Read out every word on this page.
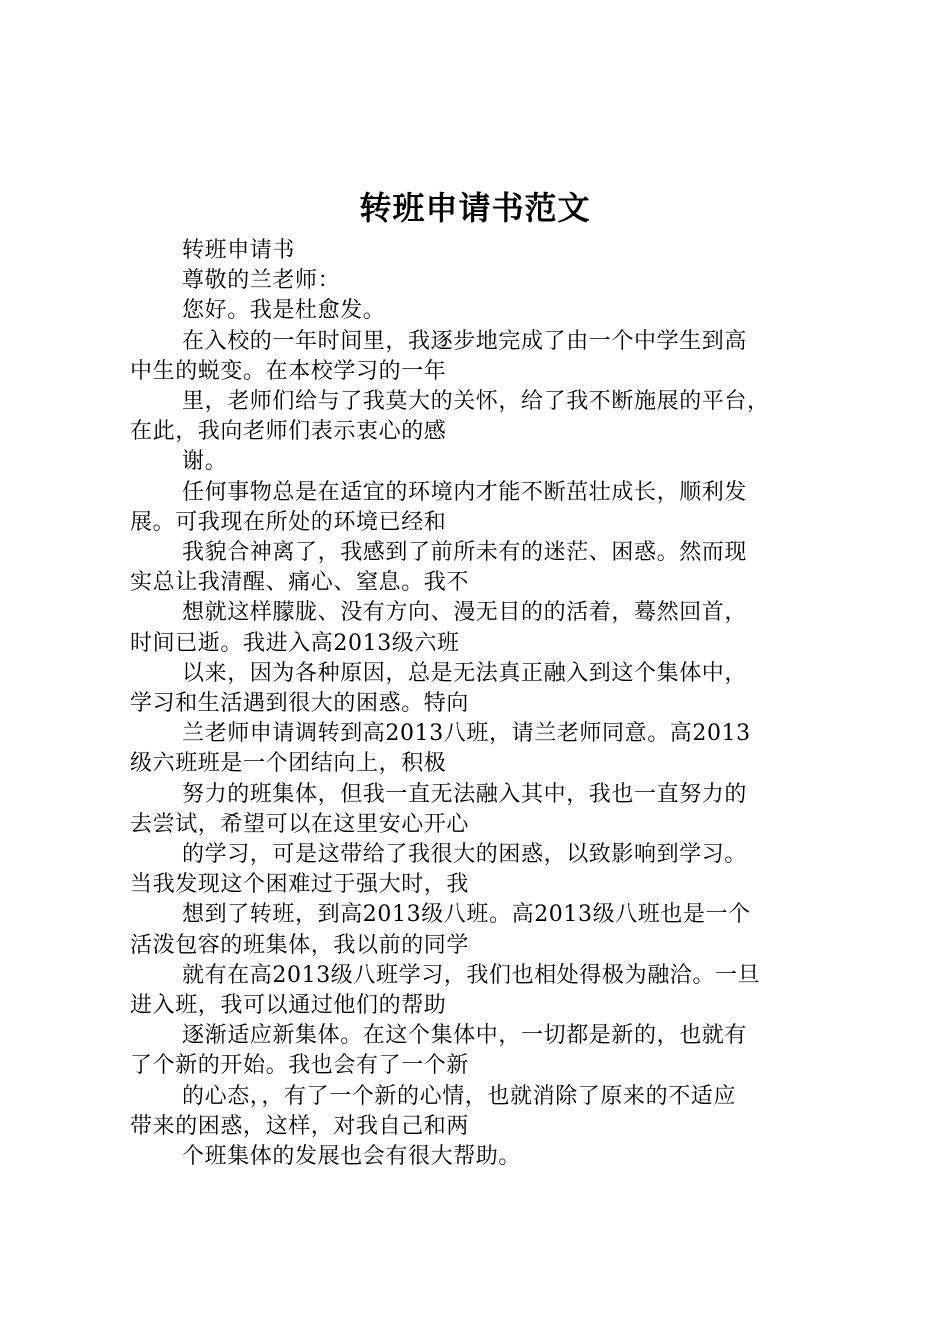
转班申请书范文
转班申请书
尊敬的兰老师：
您好。我是杜愈发。
在入校的一年时间里，我逐步地完成了由一个中学生到高
中生的蜕变。在本校学习的一年
里，老师们给与了我莫大的关怀，给了我不断施展的平台，
在此，我向老师们表示衷心的感
谢。
任何事物总是在适宜的环境内才能不断茁壮成长，顺利发
展。可我现在所处的环境已经和
我貌合神离了，我感到了前所未有的迷茫、困惑。然而现
实总让我清醒、痛心、窒息。我不
想就这样朦胧、没有方向、漫无目的的活着，蓦然回首，
时间已逝。我进入高2013级六班
以来，因为各种原因，总是无法真正融入到这个集体中，
学习和生活遇到很大的困惑。特向
兰老师申请调转到高2013八班，请兰老师同意。高2013
级六班班是一个团结向上，积极
努力的班集体，但我一直无法融入其中，我也一直努力的
去尝试，希望可以在这里安心开心
的学习，可是这带给了我很大的困惑，以致影响到学习。
当我发现这个困难过于强大时，我
想到了转班，到高2013级八班。高2013级八班也是一个
活泼包容的班集体，我以前的同学
就有在高2013级八班学习，我们也相处得极为融洽。一旦
进入班，我可以通过他们的帮助
逐渐适应新集体。在这个集体中，一切都是新的，也就有
了个新的开始。我也会有了一个新
的心态，，有了一个新的心情，也就消除了原来的不适应
带来的困惑，这样，对我自己和两
个班集体的发展也会有很大帮助。
